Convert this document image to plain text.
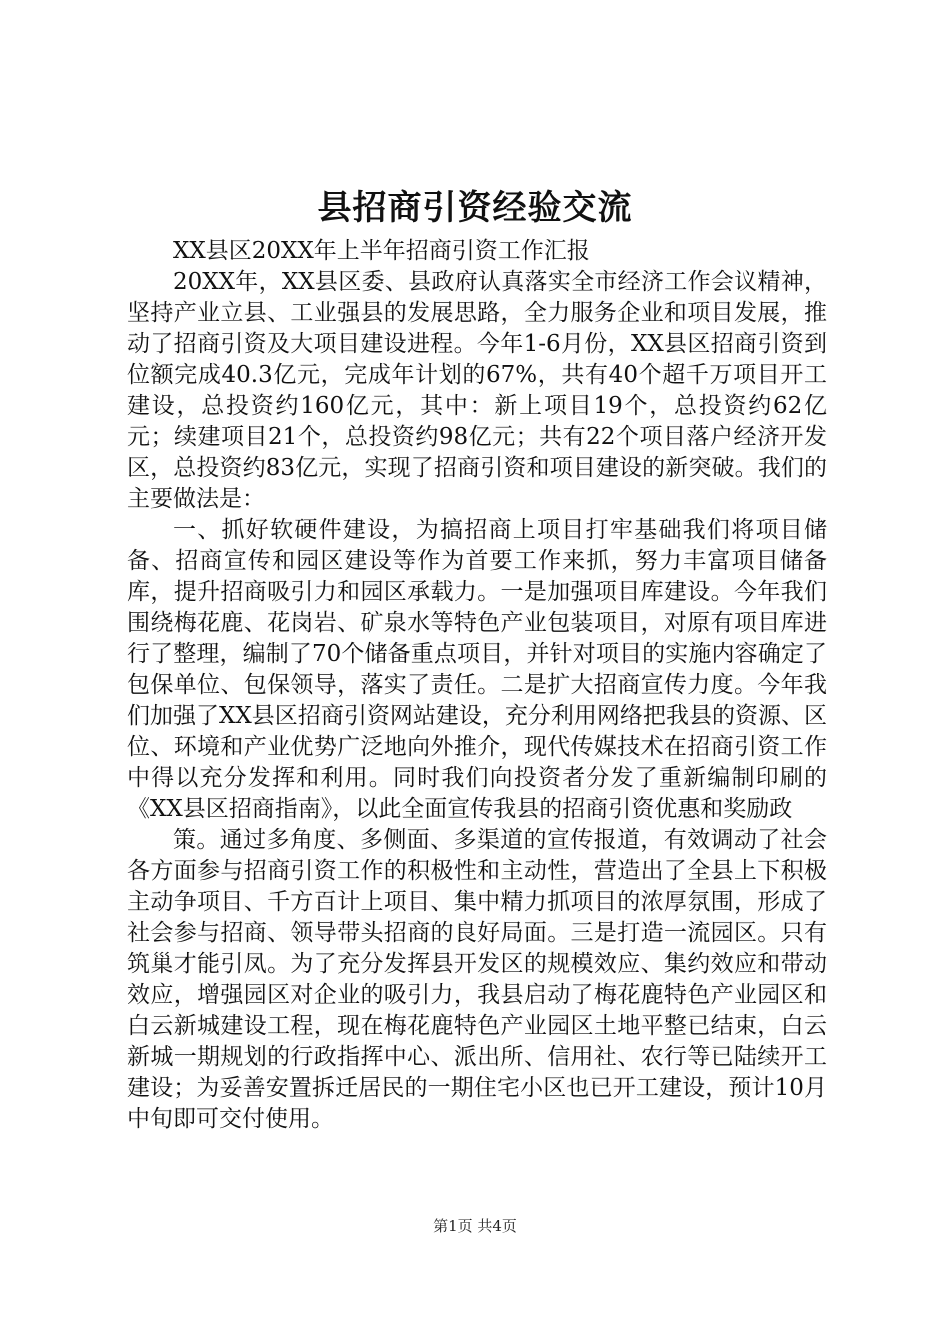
县招商引资经验交流

XX县区20XX年上半年招商引资工作汇报

20XX年，XX县区委、县政府认真落实全市经济工作会议精神，坚持产业立县、工业强县的发展思路，全力服务企业和项目发展，推动了招商引资及大项目建设进程。今年1-6月份，XX县区招商引资到位额完成40.3亿元，完成年计划的67%，共有40个超千万项目开工建设，总投资约160亿元，其中：新上项目19个，总投资约62亿元；续建项目21个，总投资约98亿元；共有22个项目落户经济开发区，总投资约83亿元，实现了招商引资和项目建设的新突破。我们的主要做法是：

一、抓好软硬件建设，为搞招商上项目打牢基础我们将项目储备、招商宣传和园区建设等作为首要工作来抓，努力丰富项目储备库，提升招商吸引力和园区承载力。一是加强项目库建设。今年我们围绕梅花鹿、花岗岩、矿泉水等特色产业包装项目，对原有项目库进行了整理，编制了70个储备重点项目，并针对项目的实施内容确定了包保单位、包保领导，落实了责任。二是扩大招商宣传力度。今年我们加强了XX县区招商引资网站建设，充分利用网络把我县的资源、区位、环境和产业优势广泛地向外推介，现代传媒技术在招商引资工作中得以充分发挥和利用。同时我们向投资者分发了重新编制印刷的《XX县区招商指南》，以此全面宣传我县的招商引资优惠和奖励政

策。通过多角度、多侧面、多渠道的宣传报道，有效调动了社会各方面参与招商引资工作的积极性和主动性，营造出了全县上下积极主动争项目、千方百计上项目、集中精力抓项目的浓厚氛围，形成了社会参与招商、领导带头招商的良好局面。三是打造一流园区。只有筑巢才能引凤。为了充分发挥县开发区的规模效应、集约效应和带动效应，增强园区对企业的吸引力，我县启动了梅花鹿特色产业园区和白云新城建设工程，现在梅花鹿特色产业园区土地平整已结束，白云新城一期规划的行政指挥中心、派出所、信用社、农行等已陆续开工建设；为妥善安置拆迁居民的一期住宅小区也已开工建设，预计10月中旬即可交付使用。

第1页 共4页
